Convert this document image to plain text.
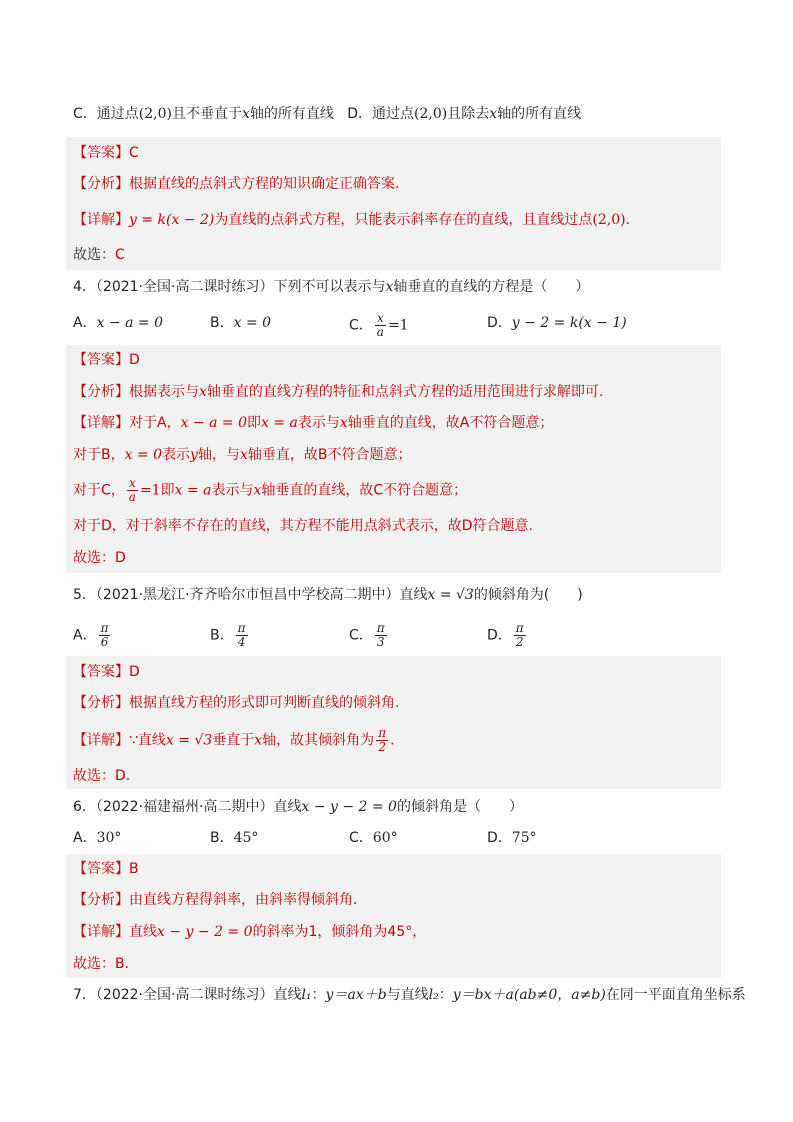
C．通过点(2,0)且不垂直于x轴的所有直线 D．通过点(2,0)且除去x轴的所有直线
【答案】C
【分析】根据直线的点斜式方程的知识确定正确答案.
【详解】y = k(x − 2)为直线的点斜式方程，只能表示斜率存在的直线，且直线过点(2,0).
故选：C
4．（2021·全国·高二课时练习）下列不可以表示与x轴垂直的直线的方程是（　　）
A．x − a = 0	B．x = 0	C． $\frac{x}{a} =1$	D．y − 2 = k(x − 1)
【答案】D
【分析】根据表示与x轴垂直的直线方程的特征和点斜式方程的适用范围进行求解即可.
【详解】对于A，x − a = 0即x = a表示与x轴垂直的直线，故A不符合题意；
对于B，x = 0表示y轴，与x轴垂直，故B不符合题意；
对于C， $\frac{x}{a} =1$即x = a表示与x轴垂直的直线，故C不符合题意；
对于D，对于斜率不存在的直线，其方程不能用点斜式表示，故D符合题意.
故选：D
5．（2021·黑龙江·齐齐哈尔市恒昌中学校高二期中）直线x = √3的倾斜角为(　　)
A． $\frac{\pi}{6}$	B． $\frac{\pi}{4}$	C． $\frac{\pi}{3}$	D． $\frac{\pi}{2}$
【答案】D
【分析】根据直线方程的形式即可判断直线的倾斜角.
【详解】∵直线x = √3垂直于x轴，故其倾斜角为 $\frac{\pi}{2}$ .
故选：D.
6．（2022·福建福州·高二期中）直线x − y − 2 = 0的倾斜角是（　　）
A．30°	B．45°	C．60°	D．75°
【答案】B
【分析】由直线方程得斜率，由斜率得倾斜角．
【详解】直线x − y − 2 = 0的斜率为1，倾斜角为45°，
故选：B．
7．（2022·全国·高二课时练习）直线l₁：y＝ax＋b与直线l₂：y＝bx＋a(ab≠0，a≠b)在同一平面直角坐标系
